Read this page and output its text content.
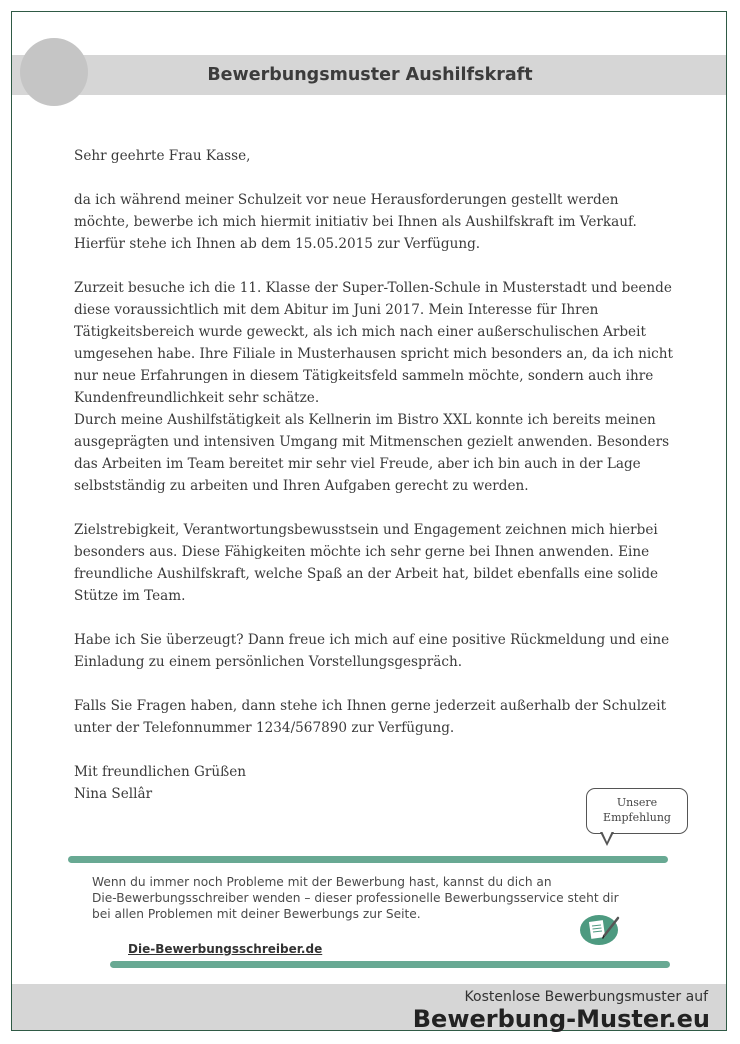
Bewerbungsmuster Aushilfskraft

Sehr geehrte Frau Kasse,

da ich während meiner Schulzeit vor neue Herausforderungen gestellt werden möchte, bewerbe ich mich hiermit initiativ bei Ihnen als Aushilfskraft im Verkauf. Hierfür stehe ich Ihnen ab dem 15.05.2015 zur Verfügung.

Zurzeit besuche ich die 11. Klasse der Super-Tollen-Schule in Musterstadt und beende diese voraussichtlich mit dem Abitur im Juni 2017. Mein Interesse für Ihren Tätigkeitsbereich wurde geweckt, als ich mich nach einer außerschulischen Arbeit umgesehen habe. Ihre Filiale in Musterhausen spricht mich besonders an, da ich nicht nur neue Erfahrungen in diesem Tätigkeitsfeld sammeln möchte, sondern auch ihre Kundenfreundlichkeit sehr schätze.

Durch meine Aushilfstätigkeit als Kellnerin im Bistro XXL konnte ich bereits meinen ausgeprägten und intensiven Umgang mit Mitmenschen gezielt anwenden. Besonders das Arbeiten im Team bereitet mir sehr viel Freude, aber ich bin auch in der Lage selbstständig zu arbeiten und Ihren Aufgaben gerecht zu werden.

Zielstrebigkeit, Verantwortungsbewusstsein und Engagement zeichnen mich hierbei besonders aus. Diese Fähigkeiten möchte ich sehr gerne bei Ihnen anwenden. Eine freundliche Aushilfskraft, welche Spaß an der Arbeit hat, bildet ebenfalls eine solide Stütze im Team.

Habe ich Sie überzeugt? Dann freue ich mich auf eine positive Rückmeldung und eine Einladung zu einem persönlichen Vorstellungsgespräch.

Falls Sie Fragen haben, dann stehe ich Ihnen gerne jederzeit außerhalb der Schulzeit unter der Telefonnummer 1234/567890 zur Verfügung.

Mit freundlichen Grüßen

Nina Sellâr

Unsere
Empfehlung

Wenn du immer noch Probleme mit der Bewerbung hast, kannst du dich an

Die-Bewerbungsschreiber wenden – dieser professionelle Bewerbungsservice steht dir

bei allen Problemen mit deiner Bewerbungs zur Seite.

Die-Bewerbungsschreiber.de
Kostenlose Bewerbungsmuster auf
Bewerbung-Muster.eu
